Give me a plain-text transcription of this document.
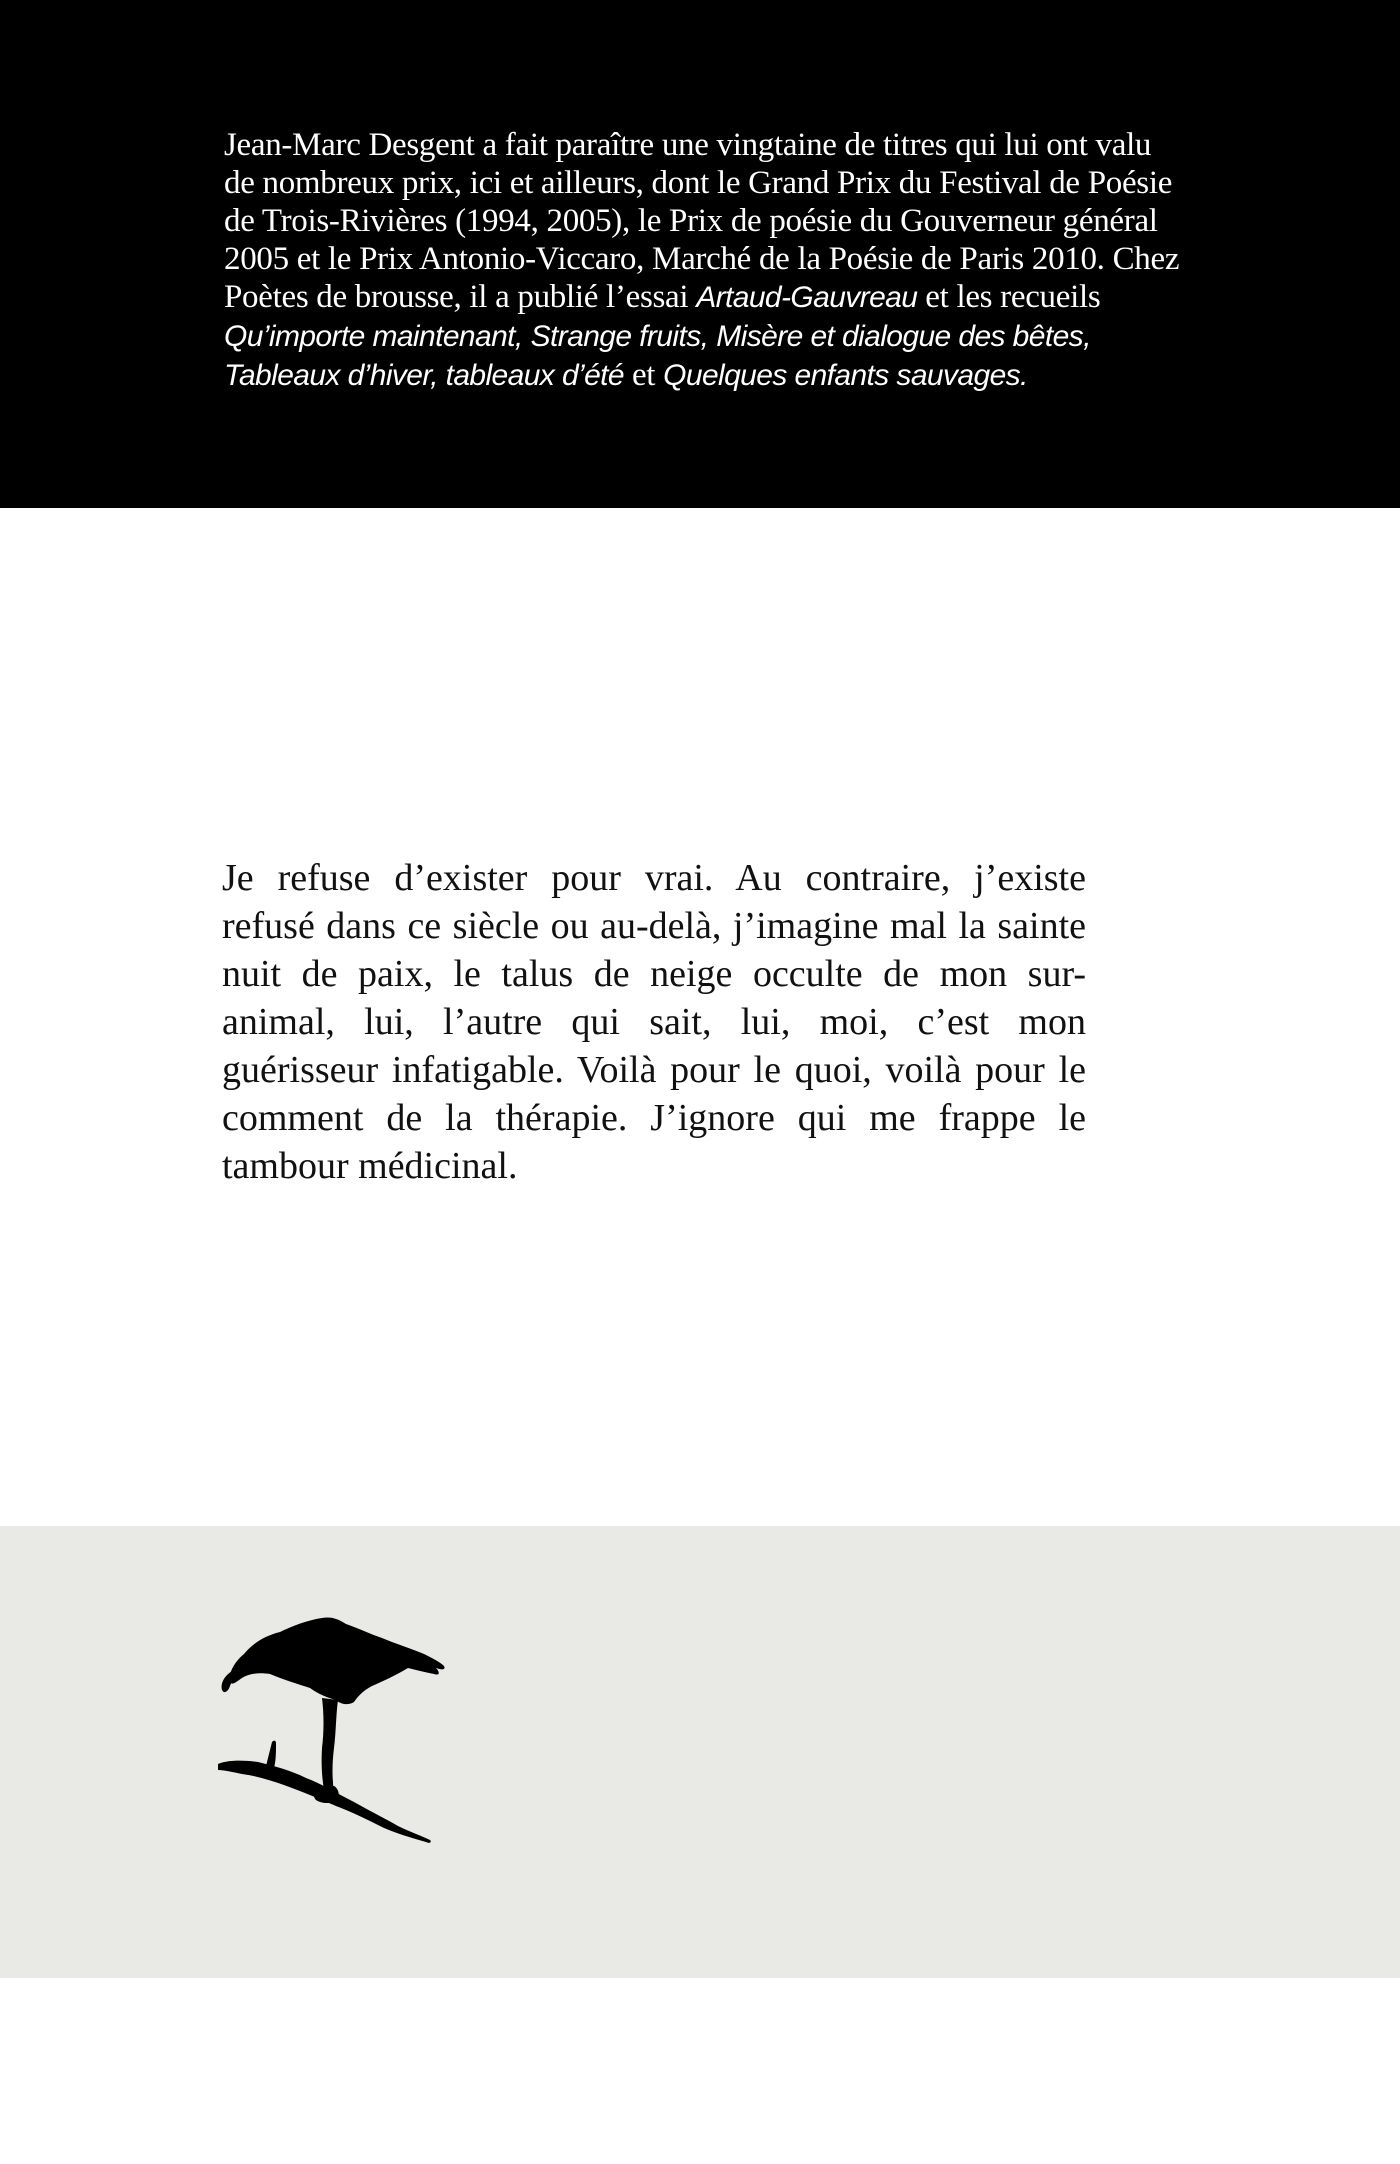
Jean-Marc Desgent a fait paraître une vingtaine de titres qui lui ont valu de nombreux prix, ici et ailleurs, dont le Grand Prix du Festival de Poésie de Trois-Rivières (1994, 2005), le Prix de poésie du Gouverneur général 2005 et le Prix Antonio-Viccaro, Marché de la Poésie de Paris 2010. Chez Poètes de brousse, il a publié l’essai Artaud-Gauvreau et les recueils Qu’importe maintenant, Strange fruits, Misère et dialogue des bêtes, Tableaux d’hiver, tableaux d’été et Quelques enfants sauvages.

Je refuse d’exister pour vrai. Au contraire, j’existe refusé dans ce siècle ou au-delà, j’imagine mal la sainte nuit de paix, le talus de neige occulte de mon sur-animal, lui, l’autre qui sait, lui, moi, c’est mon guérisseur infatigable. Voilà pour le quoi, voilà pour le comment de la thérapie. J’ignore qui me frappe le tambour médicinal.
